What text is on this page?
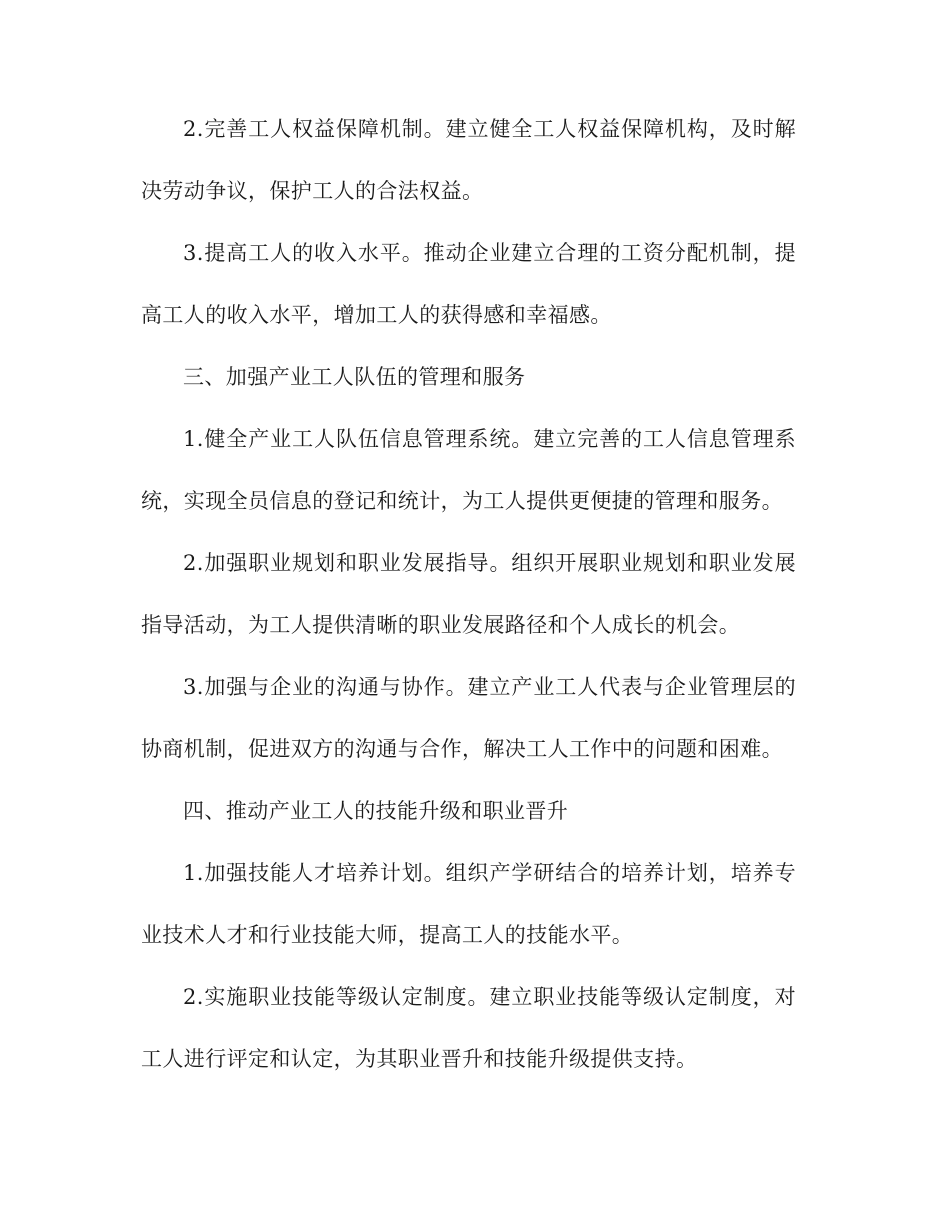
2.完善工人权益保障机制。建立健全工人权益保障机构，及时解决劳动争议，保护工人的合法权益。

3.提高工人的收入水平。推动企业建立合理的工资分配机制，提高工人的收入水平，增加工人的获得感和幸福感。

三、加强产业工人队伍的管理和服务

1.健全产业工人队伍信息管理系统。建立完善的工人信息管理系统，实现全员信息的登记和统计，为工人提供更便捷的管理和服务。

2.加强职业规划和职业发展指导。组织开展职业规划和职业发展指导活动，为工人提供清晰的职业发展路径和个人成长的机会。

3.加强与企业的沟通与协作。建立产业工人代表与企业管理层的协商机制，促进双方的沟通与合作，解决工人工作中的问题和困难。

四、推动产业工人的技能升级和职业晋升

1.加强技能人才培养计划。组织产学研结合的培养计划，培养专业技术人才和行业技能大师，提高工人的技能水平。

2.实施职业技能等级认定制度。建立职业技能等级认定制度，对工人进行评定和认定，为其职业晋升和技能升级提供支持。
